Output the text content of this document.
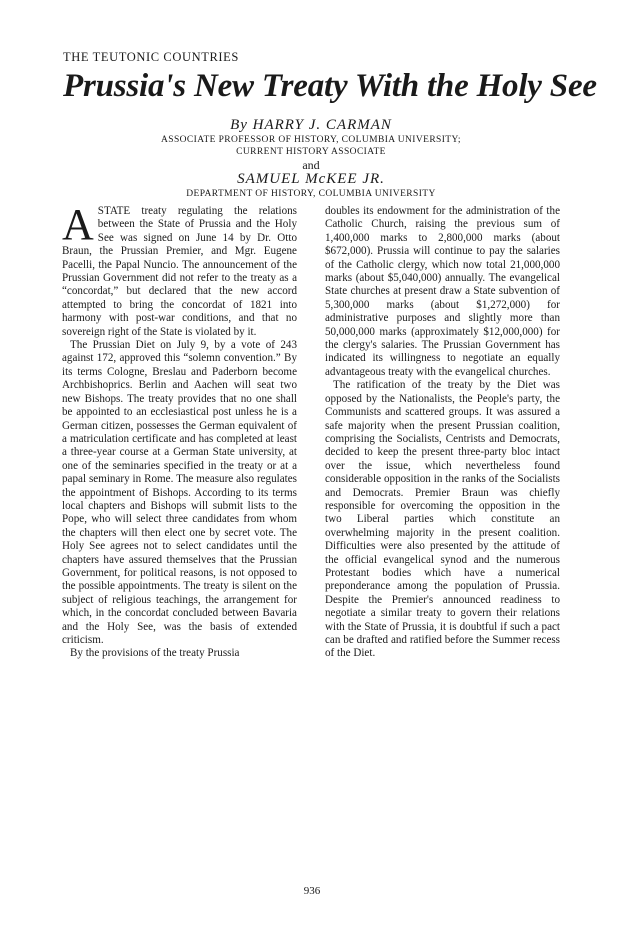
THE TEUTONIC COUNTRIES
Prussia's New Treaty With the Holy See
By HARRY J. CARMAN
ASSOCIATE PROFESSOR OF HISTORY, COLUMBIA UNIVERSITY;
CURRENT HISTORY ASSOCIATE
and
SAMUEL McKEE JR.
DEPARTMENT OF HISTORY, COLUMBIA UNIVERSITY

ASTATE treaty regulating the relations between the State of Prussia and the Holy See was signed on June 14 by Dr. Otto Braun, the Prussian Premier, and Mgr. Eugene Pacelli, the Papal Nuncio. The announcement of the Prussian Government did not refer to the treaty as a “concordat,” but declared that the new accord attempted to bring the concordat of 1821 into harmony with post-war conditions, and that no sovereign right of the State is violated by it.

The Prussian Diet on July 9, by a vote of 243 against 172, approved this “solemn convention.” By its terms Cologne, Breslau and Paderborn become Archbishoprics. Berlin and Aachen will seat two new Bishops. The treaty provides that no one shall be appointed to an ecclesiastical post unless he is a German citizen, possesses the German equivalent of a matriculation certificate and has completed at least a three-year course at a German State university, at one of the seminaries specified in the treaty or at a papal seminary in Rome. The measure also regulates the appointment of Bishops. According to its terms local chapters and Bishops will submit lists to the Pope, who will select three candidates from whom the chapters will then elect one by secret vote. The Holy See agrees not to select candidates until the chapters have assured themselves that the Prussian Government, for political reasons, is not opposed to the possible appointments. The treaty is silent on the subject of religious teachings, the arrangement for which, in the concordat concluded between Bavaria and the Holy See, was the basis of extended criticism.

By the provisions of the treaty Prussia

doubles its endowment for the administration of the Catholic Church, raising the previous sum of 1,400,000 marks to 2,800,000 marks (about $672,000). Prussia will continue to pay the salaries of the Catholic clergy, which now total 21,000,000 marks (about $5,040,000) annually. The evangelical State churches at present draw a State subvention of 5,300,000 marks (about $1,272,000) for administrative purposes and slightly more than 50,000,000 marks (approximately $12,000,000) for the clergy's salaries. The Prussian Government has indicated its willingness to negotiate an equally advantageous treaty with the evangelical churches.

The ratification of the treaty by the Diet was opposed by the Nationalists, the People's party, the Communists and scattered groups. It was assured a safe majority when the present Prussian coalition, comprising the Socialists, Centrists and Democrats, decided to keep the present three-party bloc intact over the issue, which nevertheless found considerable opposition in the ranks of the Socialists and Democrats. Premier Braun was chiefly responsible for overcoming the opposition in the two Liberal parties which constitute an overwhelming majority in the present coalition. Difficulties were also presented by the attitude of the official evangelical synod and the numerous Protestant bodies which have a numerical preponderance among the population of Prussia. Despite the Premier's announced readiness to negotiate a similar treaty to govern their relations with the State of Prussia, it is doubtful if such a pact can be drafted and ratified before the Summer recess of the Diet.

936
